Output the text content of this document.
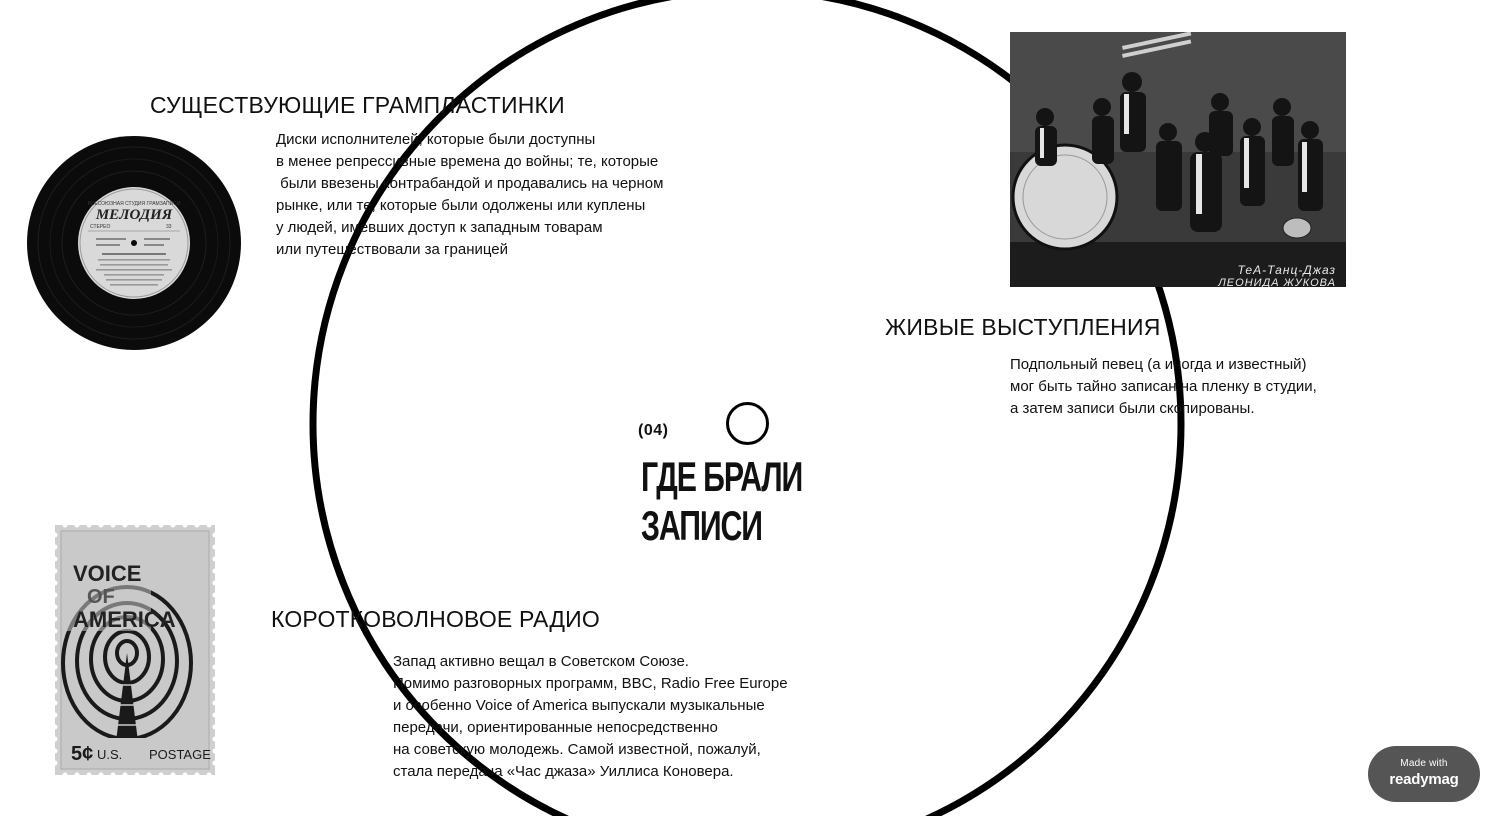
СУЩЕСТВУЮЩИЕ ГРАМПЛАСТИНКИ
Диски исполнителей, которые были доступны
в менее репрессивные времена до войны; те, которые
были ввезены контрабандой и продавались на черном
рынке, или те, которые были одолжены или куплены
у людей, имевших доступ к западным товарам
или путешествовали за границей
ВСЕСОЮЗНАЯ СТУДИЯ ГРАМЗАПИСИ
МЕЛОДИЯ
СТЕРЕО	33
ЖИВЫЕ ВЫСТУПЛЕНИЯ
Подпольный певец (а иногда и известный)
мог быть тайно записан на пленку в студии,
а затем записи были скопированы.
ТеА-Танц-Джаз
ЛЕОНИДА ЖУКОВА
(04)
ГДЕ БРАЛИ
ЗАПИСИ
КОРОТКОВОЛНОВОЕ РАДИО
Запад активно вещал в Советском Союзе.
Помимо разговорных программ, BBC, Radio Free Europe
и особенно Voice of America выпускали музыкальные
передачи, ориентированные непосредственно
на советскую молодежь. Самой известной, пожалуй,
стала передача «Час джаза» Уиллиса Коновера.
VOICE
OF
AMERICA
5¢ U.S. POSTAGE
Made with
readymag
